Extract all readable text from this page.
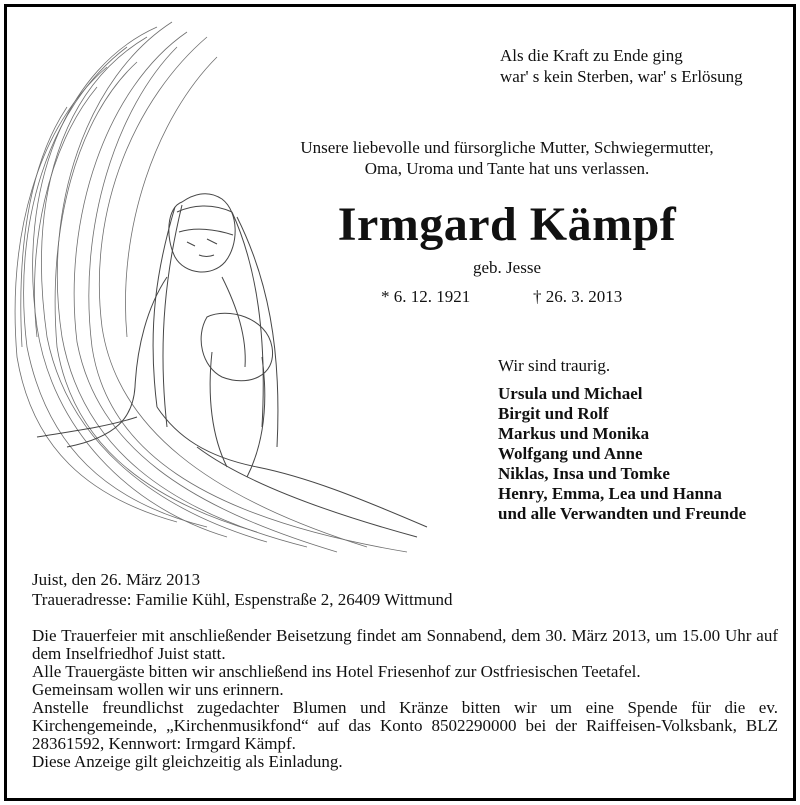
Als die Kraft zu Ende ging
war' s kein Sterben, war' s Erlösung
Unsere liebevolle und fürsorgliche Mutter, Schwiegermutter,
Oma, Uroma und Tante hat uns verlassen.
Irmgard Kämpf
geb. Jesse
* 6. 12. 1921	† 26. 3. 2013
Wir sind traurig.
Ursula und Michael
Birgit und Rolf
Markus und Monika
Wolfgang und Anne
Niklas, Insa und Tomke
Henry, Emma, Lea und Hanna
und alle Verwandten und Freunde
Juist, den 26. März 2013
Traueradresse: Familie Kühl, Espenstraße 2, 26409 Wittmund
Die Trauerfeier mit anschließender Beisetzung findet am Sonnabend, dem 30. März 2013, um 15.00 Uhr auf dem Inselfriedhof Juist statt.
Alle Trauergäste bitten wir anschließend ins Hotel Friesenhof zur Ostfriesischen Teetafel.
Gemeinsam wollen wir uns erinnern.
Anstelle freundlichst zugedachter Blumen und Kränze bitten wir um eine Spende für die ev. Kirchengemeinde, „Kirchenmusikfond“ auf das Konto 8502290000 bei der Raiffeisen-Volksbank, BLZ 28361592, Kennwort: Irmgard Kämpf.
Diese Anzeige gilt gleichzeitig als Einladung.
